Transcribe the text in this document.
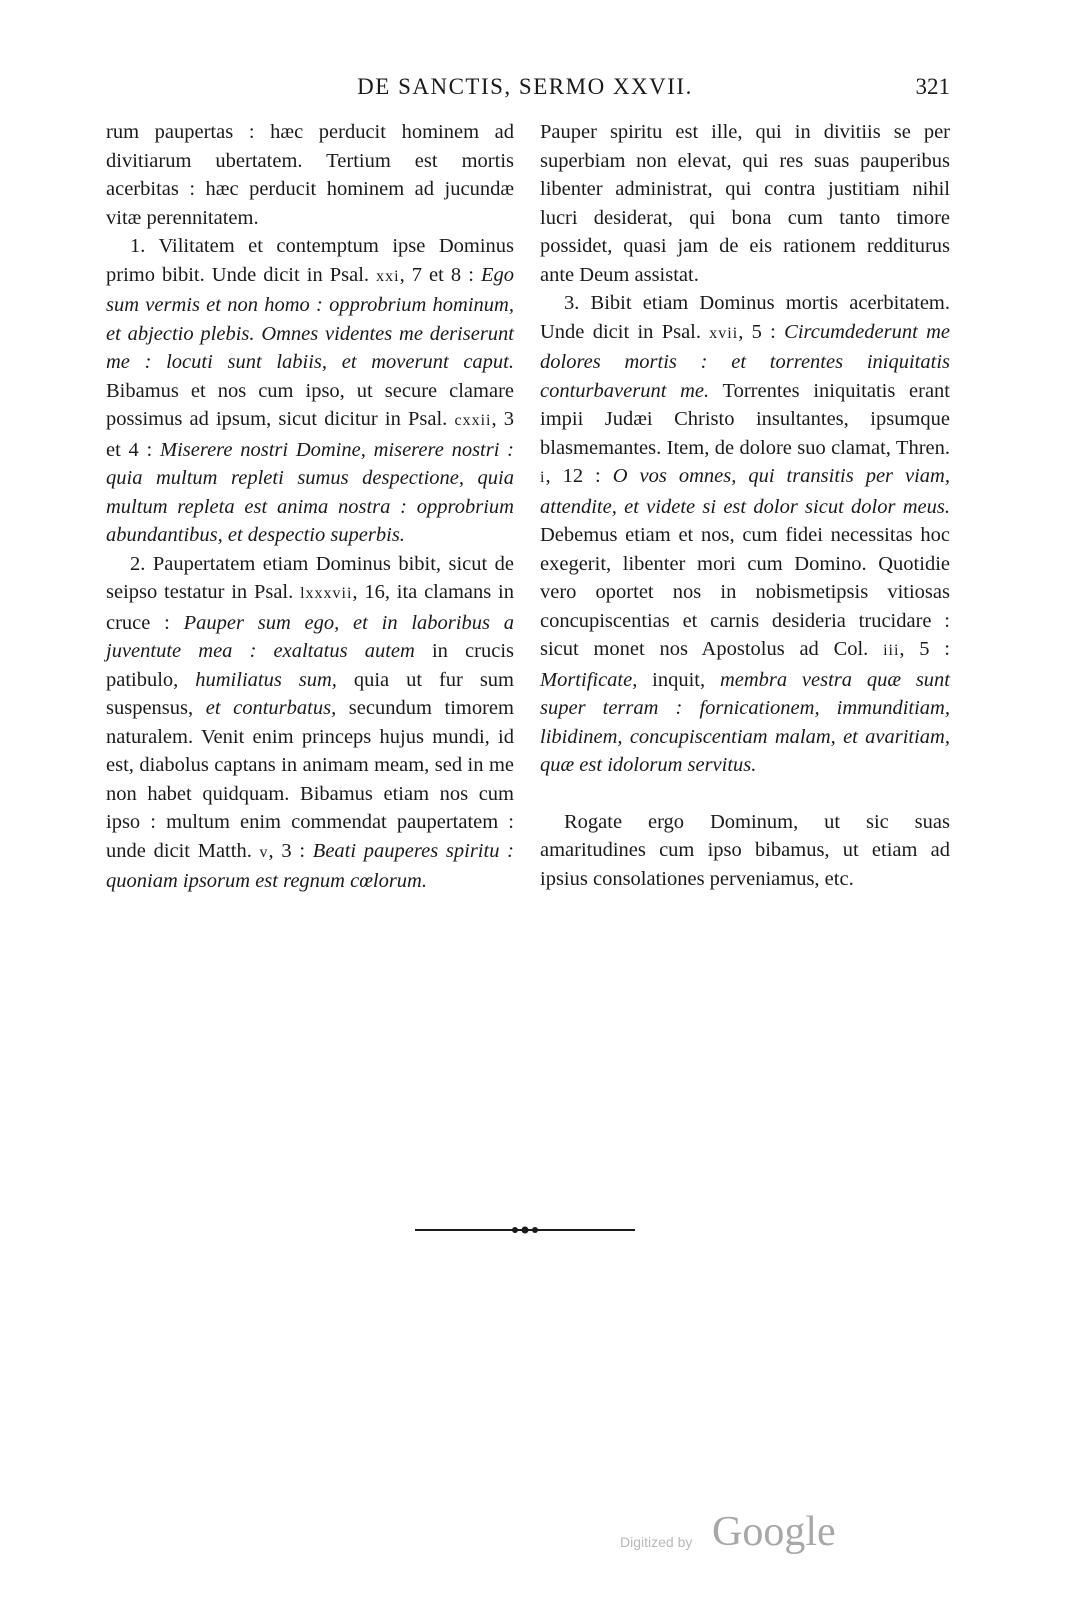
DE SANCTIS, SERMO XXVII.	321

rum paupertas : hæc perducit hominem ad divitiarum ubertatem. Tertium est mortis acerbitas : hæc perducit hominem ad jucundæ vitæ perennitatem.

1. Vilitatem et contemptum ipse Dominus primo bibit. Unde dicit in Psal. xxi, 7 et 8 : Ego sum vermis et non homo : opprobrium hominum, et abjectio plebis. Omnes videntes me deriserunt me : locuti sunt labiis, et moverunt caput. Bibamus et nos cum ipso, ut secure clamare possimus ad ipsum, sicut dicitur in Psal. cxxii, 3 et 4 : Miserere nostri Domine, miserere nostri : quia multum repleti sumus despectione, quia multum repleta est anima nostra : opprobrium abundantibus, et despectio superbis.

2. Paupertatem etiam Dominus bibit, sicut de seipso testatur in Psal. lxxxvii, 16, ita clamans in cruce : Pauper sum ego, et in laboribus a juventute mea : exaltatus autem in crucis patibulo, humiliatus sum, quia ut fur sum suspensus, et conturbatus, secundum timorem naturalem. Venit enim princeps hujus mundi, id est, diabolus captans in animam meam, sed in me non habet quidquam. Bibamus etiam nos cum ipso : multum enim commendat paupertatem : unde dicit Matth. v, 3 : Beati pauperes spiritu : quoniam ipsorum est regnum cœlorum.

Pauper spiritu est ille, qui in divitiis se per superbiam non elevat, qui res suas pauperibus libenter administrat, qui contra justitiam nihil lucri desiderat, qui bona cum tanto timore possidet, quasi jam de eis rationem redditurus ante Deum assistat.

3. Bibit etiam Dominus mortis acerbitatem. Unde dicit in Psal. xvii, 5 : Circumdederunt me dolores mortis : et torrentes iniquitatis conturbaverunt me. Torrentes iniquitatis erant impii Judæi Christo insultantes, ipsumque blasmemantes. Item, de dolore suo clamat, Thren. i, 12 : O vos omnes, qui transitis per viam, attendite, et videte si est dolor sicut dolor meus. Debemus etiam et nos, cum fidei necessitas hoc exegerit, libenter mori cum Domino. Quotidie vero oportet nos in nobismetipsis vitiosas concupiscentias et carnis desideria trucidare : sicut monet nos Apostolus ad Col. iii, 5 : Mortificate, inquit, membra vestra quæ sunt super terram : fornicationem, immunditiam, libidinem, concupiscentiam malam, et avaritiam, quæ est idolorum servitus.

Rogate ergo Dominum, ut sic suas amaritudines cum ipso bibamus, ut etiam ad ipsius consolationes perveniamus, etc.

Digitized by Google
